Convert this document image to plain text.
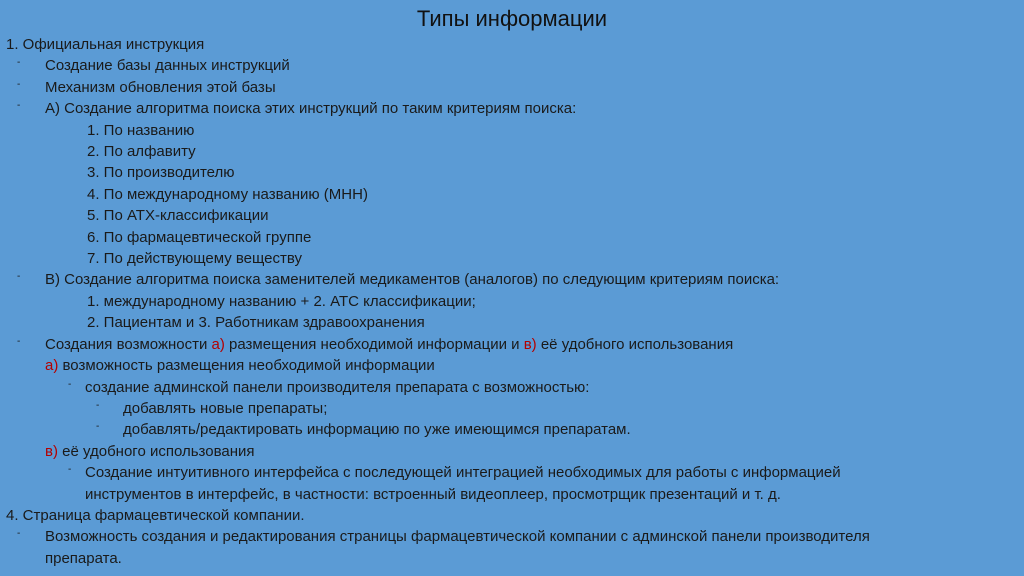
Типы информации
1. Официальная инструкция
- Создание базы данных инструкций
- Механизм обновления этой базы
- А) Создание алгоритма поиска этих инструкций по таким критериям поиска:
1. По названию
2. По алфавиту
3. По производителю
4. По международному названию (МНН)
5. По АТХ-классификации
6. По фармацевтической группе
7. По действующему веществу
- В) Создание алгоритма поиска заменителей медикаментов (аналогов) по следующим критериям поиска:
1. международному названию + 2. АТС классификации;
2. Пациентам и 3. Работникам здравоохранения
- Создания возможности а) размещения необходимой информации и в) её удобного использования
а) возможность размещения необходимой информации
- создание админской панели производителя препарата с возможностью:
- добавлять новые препараты;
- добавлять/редактировать информацию по уже имеющимся препаратам.
в) её удобного использования
- Создание интуитивного интерфейса с последующей интеграцией необходимых для работы с информацией
инструментов в интерфейс, в частности: встроенный видеоплеер, просмотрщик презентаций и т. д.
4. Страница фармацевтической компании.
- Возможность создания и редактирования страницы фармацевтической компании с админской панели производителя
препарата.
